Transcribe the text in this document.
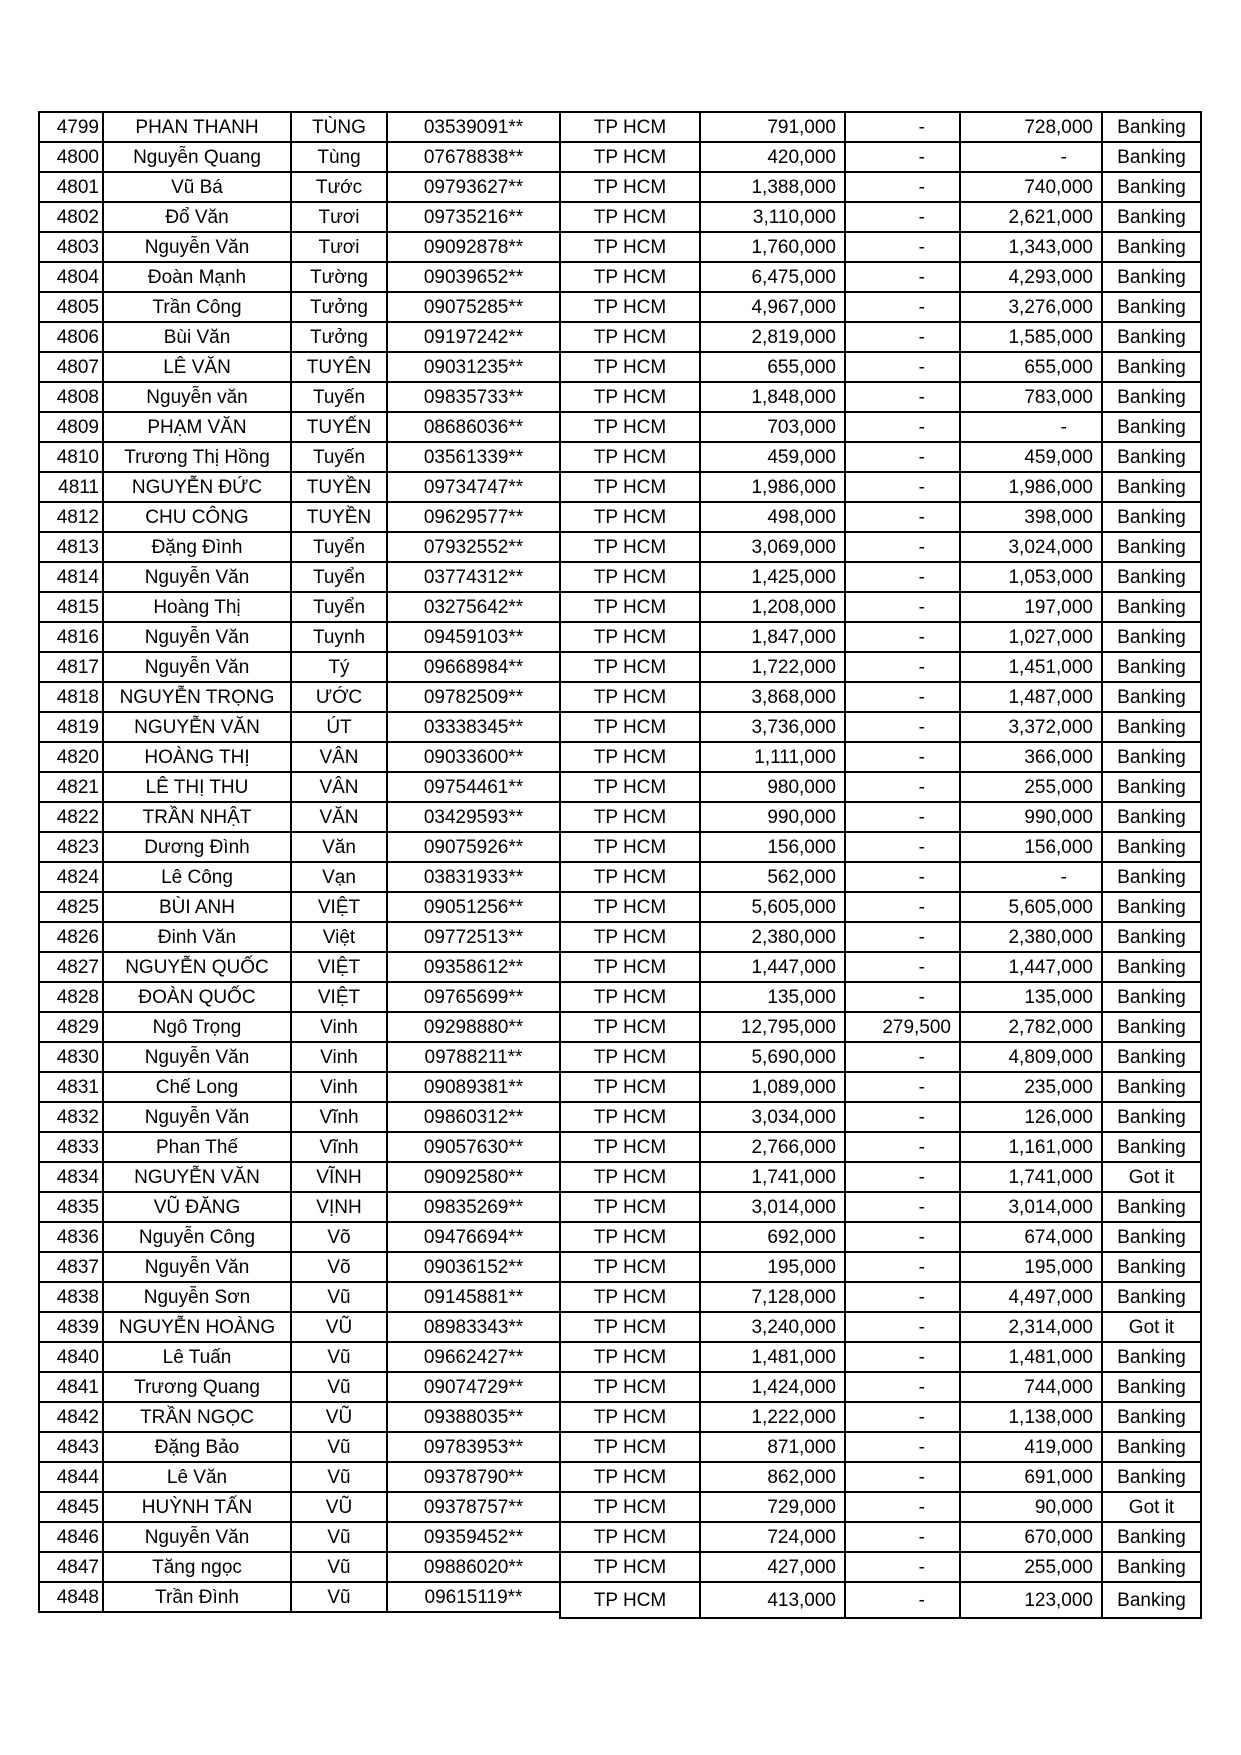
4799	PHAN THANH	TÙNG	03539091**	TP HCM	791,000	-	728,000	Banking
4800	Nguyễn Quang	Tùng	07678838**	TP HCM	420,000	-	-	Banking
4801	Vũ Bá	Tước	09793627**	TP HCM	1,388,000	-	740,000	Banking
4802	Đổ Văn	Tươi	09735216**	TP HCM	3,110,000	-	2,621,000	Banking
4803	Nguyễn Văn	Tươi	09092878**	TP HCM	1,760,000	-	1,343,000	Banking
4804	Đoàn Mạnh	Tường	09039652**	TP HCM	6,475,000	-	4,293,000	Banking
4805	Trần Công	Tưởng	09075285**	TP HCM	4,967,000	-	3,276,000	Banking
4806	Bùi Văn	Tưởng	09197242**	TP HCM	2,819,000	-	1,585,000	Banking
4807	LÊ VĂN	TUYÊN	09031235**	TP HCM	655,000	-	655,000	Banking
4808	Nguyễn văn	Tuyến	09835733**	TP HCM	1,848,000	-	783,000	Banking
4809	PHẠM VĂN	TUYẾN	08686036**	TP HCM	703,000	-	-	Banking
4810	Trương Thị Hồng	Tuyến	03561339**	TP HCM	459,000	-	459,000	Banking
4811	NGUYỄN ĐỨC	TUYỀN	09734747**	TP HCM	1,986,000	-	1,986,000	Banking
4812	CHU CÔNG	TUYỀN	09629577**	TP HCM	498,000	-	398,000	Banking
4813	Đặng Đình	Tuyển	07932552**	TP HCM	3,069,000	-	3,024,000	Banking
4814	Nguyễn Văn	Tuyển	03774312**	TP HCM	1,425,000	-	1,053,000	Banking
4815	Hoàng Thị	Tuyển	03275642**	TP HCM	1,208,000	-	197,000	Banking
4816	Nguyễn Văn	Tuynh	09459103**	TP HCM	1,847,000	-	1,027,000	Banking
4817	Nguyễn Văn	Tý	09668984**	TP HCM	1,722,000	-	1,451,000	Banking
4818	NGUYỄN TRỌNG	ƯỚC	09782509**	TP HCM	3,868,000	-	1,487,000	Banking
4819	NGUYỄN VĂN	ÚT	03338345**	TP HCM	3,736,000	-	3,372,000	Banking
4820	HOÀNG THỊ	VÂN	09033600**	TP HCM	1,111,000	-	366,000	Banking
4821	LÊ THỊ THU	VÂN	09754461**	TP HCM	980,000	-	255,000	Banking
4822	TRẦN NHẬT	VĂN	03429593**	TP HCM	990,000	-	990,000	Banking
4823	Dương Đình	Văn	09075926**	TP HCM	156,000	-	156,000	Banking
4824	Lê Công	Vạn	03831933**	TP HCM	562,000	-	-	Banking
4825	BÙI ANH	VIỆT	09051256**	TP HCM	5,605,000	-	5,605,000	Banking
4826	Đinh Văn	Việt	09772513**	TP HCM	2,380,000	-	2,380,000	Banking
4827	NGUYỄN QUỐC	VIỆT	09358612**	TP HCM	1,447,000	-	1,447,000	Banking
4828	ĐOÀN QUỐC	VIỆT	09765699**	TP HCM	135,000	-	135,000	Banking
4829	Ngô Trọng	Vinh	09298880**	TP HCM	12,795,000	279,500	2,782,000	Banking
4830	Nguyễn Văn	Vinh	09788211**	TP HCM	5,690,000	-	4,809,000	Banking
4831	Chế Long	Vinh	09089381**	TP HCM	1,089,000	-	235,000	Banking
4832	Nguyễn Văn	Vĩnh	09860312**	TP HCM	3,034,000	-	126,000	Banking
4833	Phan Thế	Vĩnh	09057630**	TP HCM	2,766,000	-	1,161,000	Banking
4834	NGUYỄN VĂN	VĨNH	09092580**	TP HCM	1,741,000	-	1,741,000	Got it
4835	VŨ ĐĂNG	VỊNH	09835269**	TP HCM	3,014,000	-	3,014,000	Banking
4836	Nguyễn Công	Võ	09476694**	TP HCM	692,000	-	674,000	Banking
4837	Nguyễn Văn	Võ	09036152**	TP HCM	195,000	-	195,000	Banking
4838	Nguyễn Sơn	Vũ	09145881**	TP HCM	7,128,000	-	4,497,000	Banking
4839	NGUYỄN HOÀNG	VŨ	08983343**	TP HCM	3,240,000	-	2,314,000	Got it
4840	Lê Tuấn	Vũ	09662427**	TP HCM	1,481,000	-	1,481,000	Banking
4841	Trương Quang	Vũ	09074729**	TP HCM	1,424,000	-	744,000	Banking
4842	TRẦN NGỌC	VŨ	09388035**	TP HCM	1,222,000	-	1,138,000	Banking
4843	Đặng Bảo	Vũ	09783953**	TP HCM	871,000	-	419,000	Banking
4844	Lê Văn	Vũ	09378790**	TP HCM	862,000	-	691,000	Banking
4845	HUỲNH TẤN	VŨ	09378757**	TP HCM	729,000	-	90,000	Got it
4846	Nguyễn Văn	Vũ	09359452**	TP HCM	724,000	-	670,000	Banking
4847	Tăng ngọc	Vũ	09886020**	TP HCM	427,000	-	255,000	Banking
4848	Trần Đình	Vũ	09615119**	TP HCM	413,000	-	123,000	Banking
